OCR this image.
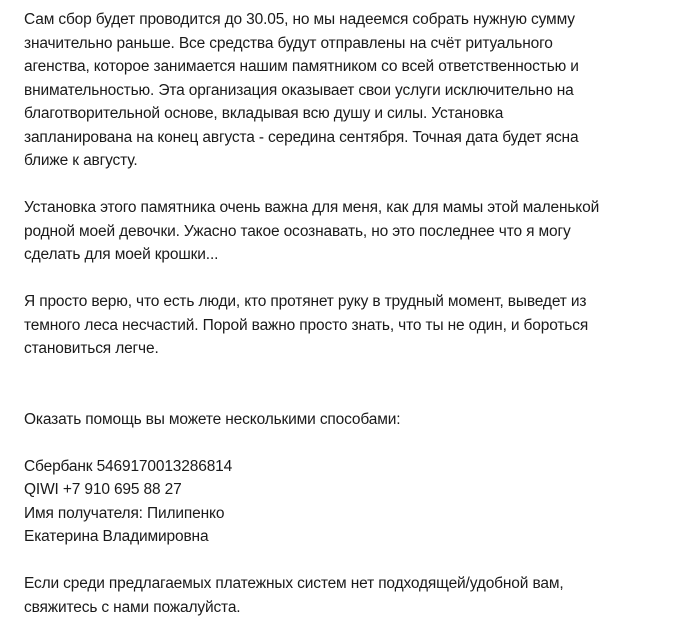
Сам сбор будет проводится до 30.05, но мы надеемся собрать нужную сумму
значительно раньше. Все средства будут отправлены на счёт ритуального
агенства, которое занимается нашим памятником со всей ответственностью и
внимательностью. Эта организация оказывает свои услуги исключительно на
благотворительной основе, вкладывая всю душу и силы. Установка
запланирована на конец августа - середина сентября. Точная дата будет ясна
ближе к августу.

Установка этого памятника очень важна для меня, как для мамы этой маленькой
родной моей девочки. Ужасно такое осознавать, но это последнее что я могу
сделать для моей крошки...

Я просто верю, что есть люди, кто протянет руку в трудный момент, выведет из
темного леса несчастий. Порой важно просто знать, что ты не один, и бороться
становиться легче.

Оказать помощь вы можете несколькими способами:

Сбербанк 5469170013286814
QIWI +7 910 695 88 27
Имя получателя: Пилипенко
Екатерина Владимировна

Если среди предлагаемых платежных систем нет подходящей/удобной вам,
свяжитесь с нами пожалуйста.
